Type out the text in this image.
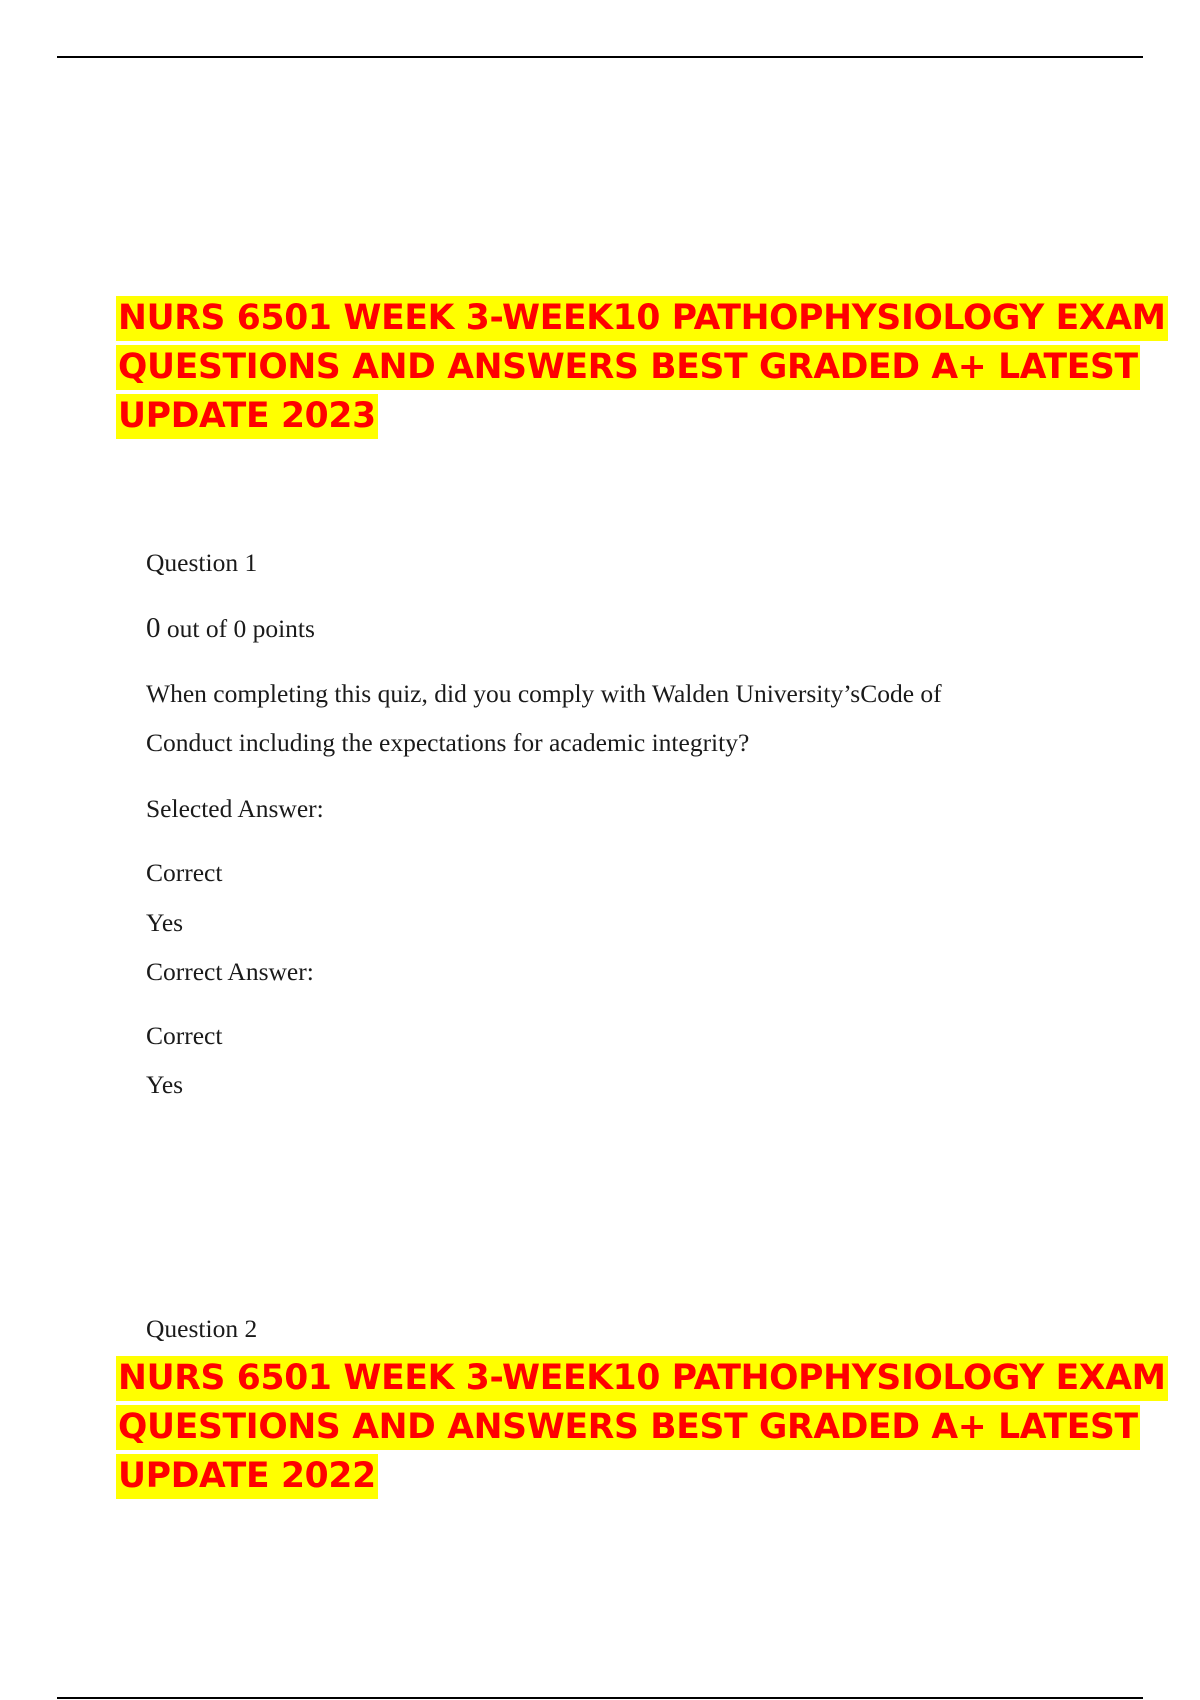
NURS 6501 WEEK 3-WEEK10 PATHOPHYSIOLOGY EXAM
QUESTIONS AND ANSWERS BEST GRADED A+ LATEST
UPDATE 2023
Question 1
0 out of 0 points
When completing this quiz, did you comply with Walden University’sCode of
Conduct including the expectations for academic integrity?
Selected Answer:
Correct
Yes
Correct Answer:
Correct
Yes
Question 2
NURS 6501 WEEK 3-WEEK10 PATHOPHYSIOLOGY EXAM
QUESTIONS AND ANSWERS BEST GRADED A+ LATEST
UPDATE 2022
